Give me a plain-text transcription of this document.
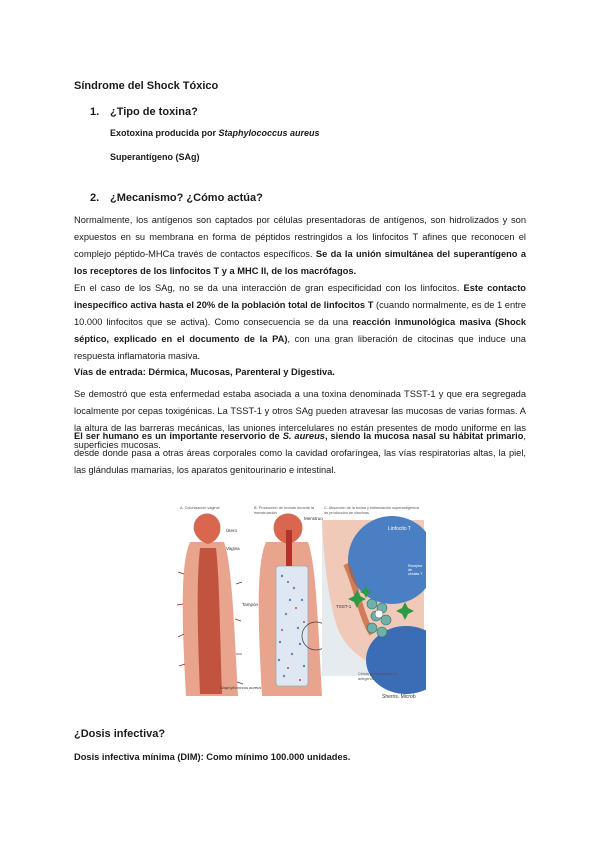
Síndrome del Shock Tóxico
1. ¿Tipo de toxina?
Exotoxina producida por Staphylococcus aureus
Superantígeno (SAg)
2. ¿Mecanismo? ¿Cómo actúa?

Normalmente, los antígenos son captados por células presentadoras de antígenos, son hidrolizados y son expuestos en su membrana en forma de péptidos restringidos a los linfocitos T afines que reconocen el complejo péptido-MHCa través de contactos específicos. Se da la unión simultánea del superantígeno a los receptores de los linfocitos T y a MHC II, de los macrófagos.

En el caso de los SAg, no se da una interacción de gran especificidad con los linfocitos. Este contacto inespecífico activa hasta el 20% de la población total de linfocitos T (cuando normalmente, es de 1 entre 10.000 linfocitos que se activa). Como consecuencia se da una reacción inmunológica masiva (Shock séptico, explicado en el documento de la PA), con una gran liberación de citocinas que induce una respuesta inflamatoria masiva.

Vías de entrada: Dérmica, Mucosas, Parenteral y Digestiva.

Se demostró que esta enfermedad estaba asociada a una toxina denominada TSST-1 y que era segregada localmente por cepas toxigénicas. La TSST-1 y otros SAg pueden atravesar las mucosas de varias formas. A la altura de las barreras mecánicas, las uniones intercelulares no están presentes de modo uniforme en las superficies mucosas.

El ser humano es un importante reservorio de S. aureus, siendo la mucosa nasal su hábitat primario, desde donde pasa a otras áreas corporales como la cavidad orofaríngea, las vías respiratorias altas, la piel, las glándulas mamarias, los aparatos genitourinario e intestinal.

A. Colonización vaginal	B. Producción de toxinas durante la menstruación
C. Absorción de la toxina y estimulación superantigénica de producción de citocinas
Útero
Vagina
Tampón
Menstruo
Linfocito T
Receptor de células T
TSST-1
Célula presentadora de antígenos
Staphylococcus aureus
Sherris. Microb
¿Dosis infectiva?
Dosis infectiva mínima (DIM): Como mínimo 100.000 unidades.
